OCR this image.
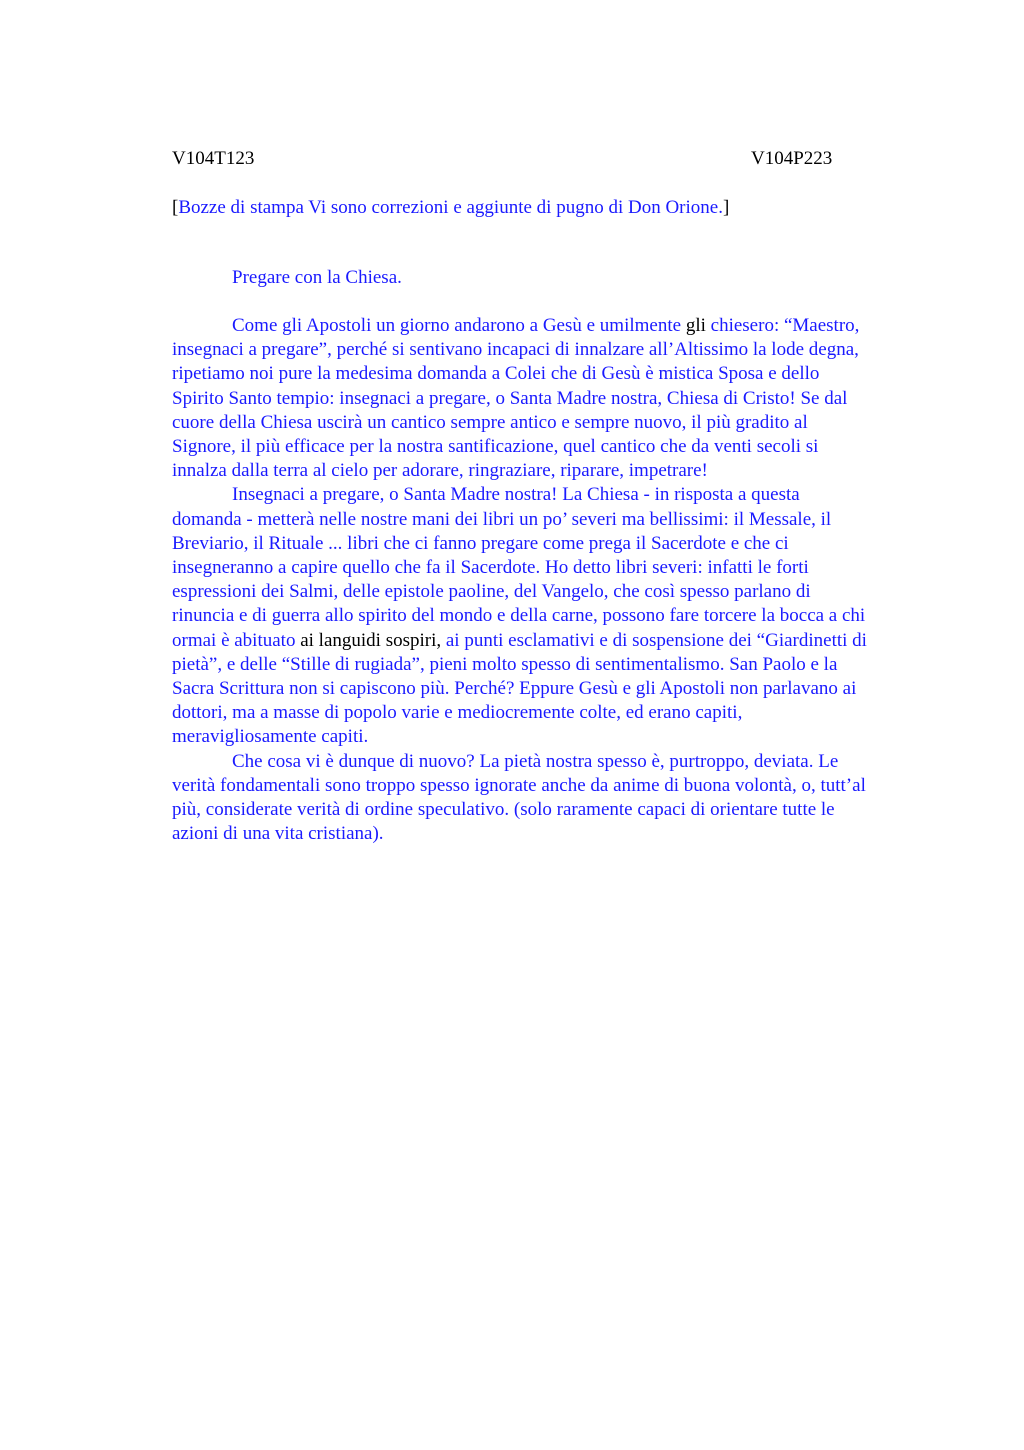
V104T123	V104P223
[Bozze di stampa Vi sono correzioni e aggiunte di pugno di Don Orione.]
Pregare con la Chiesa.
Come gli Apostoli un giorno andarono a Gesù e umilmente gli chiesero: “Maestro,
insegnaci a pregare”, perché si sentivano incapaci di innalzare all’Altissimo la lode degna,
ripetiamo noi pure la medesima domanda a Colei che di Gesù è mistica Sposa e dello
Spirito Santo tempio: insegnaci a pregare, o Santa Madre nostra, Chiesa di Cristo! Se dal
cuore della Chiesa uscirà un cantico sempre antico e sempre nuovo, il più gradito al
Signore, il più efficace per la nostra santificazione, quel cantico che da venti secoli si
innalza dalla terra al cielo per adorare, ringraziare, riparare, impetrare!
Insegnaci a pregare, o Santa Madre nostra! La Chiesa - in risposta a questa
domanda - metterà nelle nostre mani dei libri un po’ severi ma bellissimi: il Messale, il
Breviario, il Rituale ... libri che ci fanno pregare come prega il Sacerdote e che ci
insegneranno a capire quello che fa il Sacerdote. Ho detto libri severi: infatti le forti
espressioni dei Salmi, delle epistole paoline, del Vangelo, che così spesso parlano di
rinuncia e di guerra allo spirito del mondo e della carne, possono fare torcere la bocca a chi
ormai è abituato ai languidi sospiri, ai punti esclamativi e di sospensione dei “Giardinetti di
pietà”, e delle “Stille di rugiada”, pieni molto spesso di sentimentalismo. San Paolo e la
Sacra Scrittura non si capiscono più. Perché? Eppure Gesù e gli Apostoli non parlavano ai
dottori, ma a masse di popolo varie e mediocremente colte, ed erano capiti,
meravigliosamente capiti.
Che cosa vi è dunque di nuovo? La pietà nostra spesso è, purtroppo, deviata. Le
verità fondamentali sono troppo spesso ignorate anche da anime di buona volontà, o, tutt’al
più, considerate verità di ordine speculativo. (solo raramente capaci di orientare tutte le
azioni di una vita cristiana).
